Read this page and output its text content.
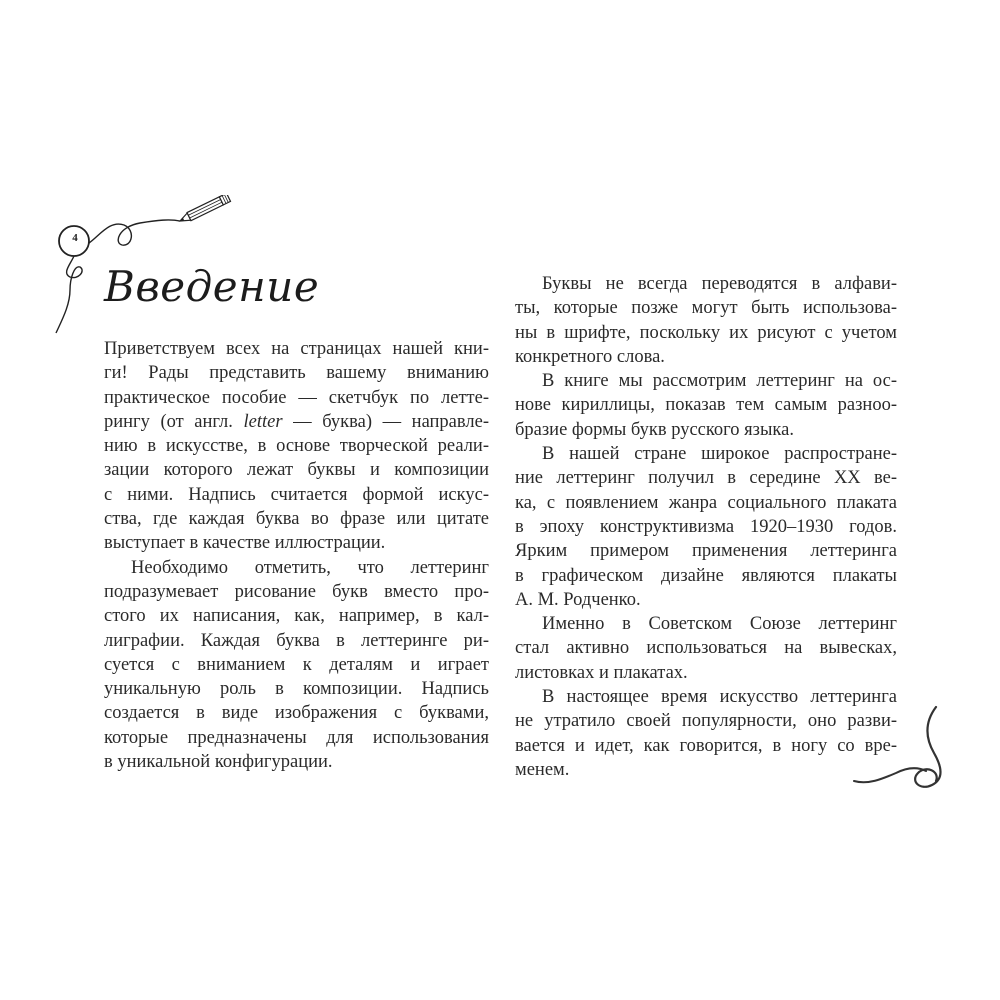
4
Введение
Приветствуем всех на страницах нашей кни-
ги! Рады представить вашему вниманию
практическое пособие — скетчбук по летте-
рингу (от англ. letter — буква) — направле-
нию в искусстве, в основе творческой реали-
зации которого лежат буквы и композиции
с ними. Надпись считается формой искус-
ства, где каждая буква во фразе или цитате
выступает в качестве иллюстрации.
Необходимо отметить, что леттеринг
подразумевает рисование букв вместо про-
стого их написания, как, например, в кал-
лиграфии. Каждая буква в леттеринге ри-
суется с вниманием к деталям и играет
уникальную роль в композиции. Надпись
создается в виде изображения с буквами,
которые предназначены для использования
в уникальной конфигурации.
Буквы не всегда переводятся в алфави-
ты, которые позже могут быть использова-
ны в шрифте, поскольку их рисуют с учетом
конкретного слова.
В книге мы рассмотрим леттеринг на ос-
нове кириллицы, показав тем самым разноо-
бразие формы букв русского языка.
В нашей стране широкое распростране-
ние леттеринг получил в середине XX ве-
ка, с появлением жанра социального плаката
в эпоху конструктивизма 1920–1930 годов.
Ярким примером применения леттеринга
в графическом дизайне являются плакаты
А. М. Родченко.
Именно в Советском Союзе леттеринг
стал активно использоваться на вывесках,
листовках и плакатах.
В настоящее время искусство леттеринга
не утратило своей популярности, оно разви-
вается и идет, как говорится, в ногу со вре-
менем.
